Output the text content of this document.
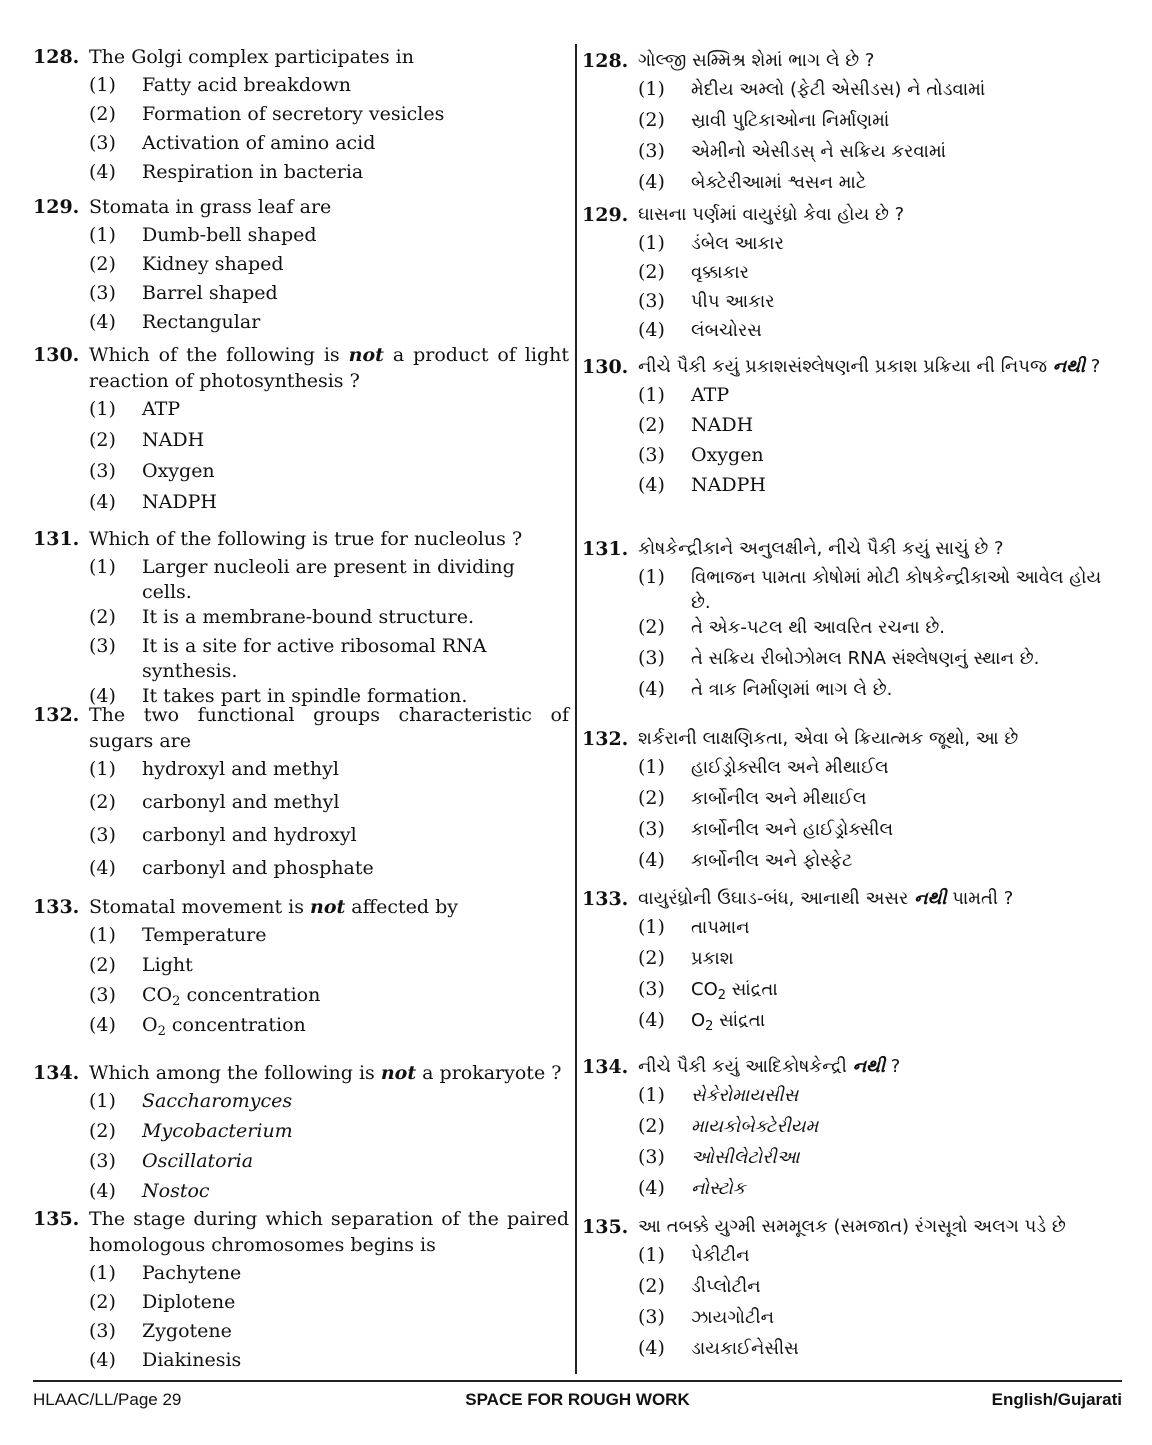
128. The Golgi complex participates in
(1)	Fatty acid breakdown
(2)	Formation of secretory vesicles
(3)	Activation of amino acid
(4)	Respiration in bacteria
129. Stomata in grass leaf are
(1)	Dumb-bell shaped
(2)	Kidney shaped
(3)	Barrel shaped
(4)	Rectangular
130. Which of the following is not a product of light reaction of photosynthesis ?
(1)	ATP
(2)	NADH
(3)	Oxygen
(4)	NADPH
131. Which of the following is true for nucleolus ?
(1)	Larger nucleoli are present in dividing cells.
(2)	It is a membrane-bound structure.
(3)	It is a site for active ribosomal RNA synthesis.
(4)	It takes part in spindle formation.
132. The two functional groups characteristic of sugars are
(1)	hydroxyl and methyl
(2)	carbonyl and methyl
(3)	carbonyl and hydroxyl
(4)	carbonyl and phosphate
133. Stomatal movement is not affected by
(1)	Temperature
(2)	Light
(3)	$CO_2$ concentration
(4)	$O_2$ concentration
134. Which among the following is not a prokaryote ?
(1)	Saccharomyces
(2)	Mycobacterium
(3)	Oscillatoria
(4)	Nostoc
135. The stage during which separation of the paired homologous chromosomes begins is
(1)	Pachytene
(2)	Diplotene
(3)	Zygotene
(4)	Diakinesis
128. ગોલ્જી સમ્મિશ્ર શેમાં ભાગ લે છે ?
(1)	મેદીય અમ્લો (ફેટી એસીડસ) ને તોડવામાં
(2)	સ્રાવી પુટિકાઓના નિર્માણમાં
(3)	એમીનો એસીડસ્ ને સક્રિય કરવામાં
(4)	બેક્ટેરીઆમાં શ્વસન માટે
129. ઘાસના પર્ણમાં વાયુરંધ્રો કેવા હોય છે ?
(1)	ડંબેલ આકાર
(2)	વૃક્કાકાર
(3)	પીપ આકાર
(4)	લંબચોરસ
130. નીચે પૈકી કયું પ્રકાશસંશ્લેષણની પ્રકાશ પ્રક્રિયા ની નિપજ નથી ?
(1)	ATP
(2)	NADH
(3)	Oxygen
(4)	NADPH
131. કોષકેન્દ્રીકાને અનુલક્ષીને, નીચે પૈકી કયું સાચું છે ?
(1)	વિભાજન પામતા કોષોમાં મોટી કોષકેન્દ્રીકાઓ આવેલ હોય છે.
(2)	તે એક-પટલ થી આવરિત રચના છે.
(3)	તે સક્રિય રીબોઝોમલ RNA સંશ્લેષણનું સ્થાન છે.
(4)	તે ત્રાક નિર્માણમાં ભાગ લે છે.
132. શર્કરાની લાક્ષણિકતા, એવા બે ક્રિયાત્મક જૂથો, આ છે
(1)	હાઈડ્રોક્સીલ અને મીથાઈલ
(2)	કાર્બોનીલ અને મીથાઈલ
(3)	કાર્બોનીલ અને હાઈડ્રોક્સીલ
(4)	કાર્બોનીલ અને ફોસ્ફેટ
133. વાયુરંધ્રોની ઉઘાડ-બંધ, આનાથી અસર નથી પામતી ?
(1)	તાપમાન
(2)	પ્રકાશ
(3)	$CO_2$ સાંદ્રતા
(4)	$O_2$ સાંદ્રતા
134. નીચે પૈકી કયું આદિકોષકેન્દ્રી નથી ?
(1)	સેકેરોમાયસીસ
(2)	માયકોબેક્ટેરીયમ
(3)	ઓસીલેટોરીઆ
(4)	નોસ્ટોક
135. આ તબક્કે યુગ્મી સમમૂલક (સમજાત) રંગસૂત્રો અલગ પડે છે
(1)	પેકીટીન
(2)	ડીપ્લોટીન
(3)	ઝાયગોટીન
(4)	ડાયકાઈનેસીસ
HLAAC/LL/Page 29	SPACE FOR ROUGH WORK	English/Gujarati
